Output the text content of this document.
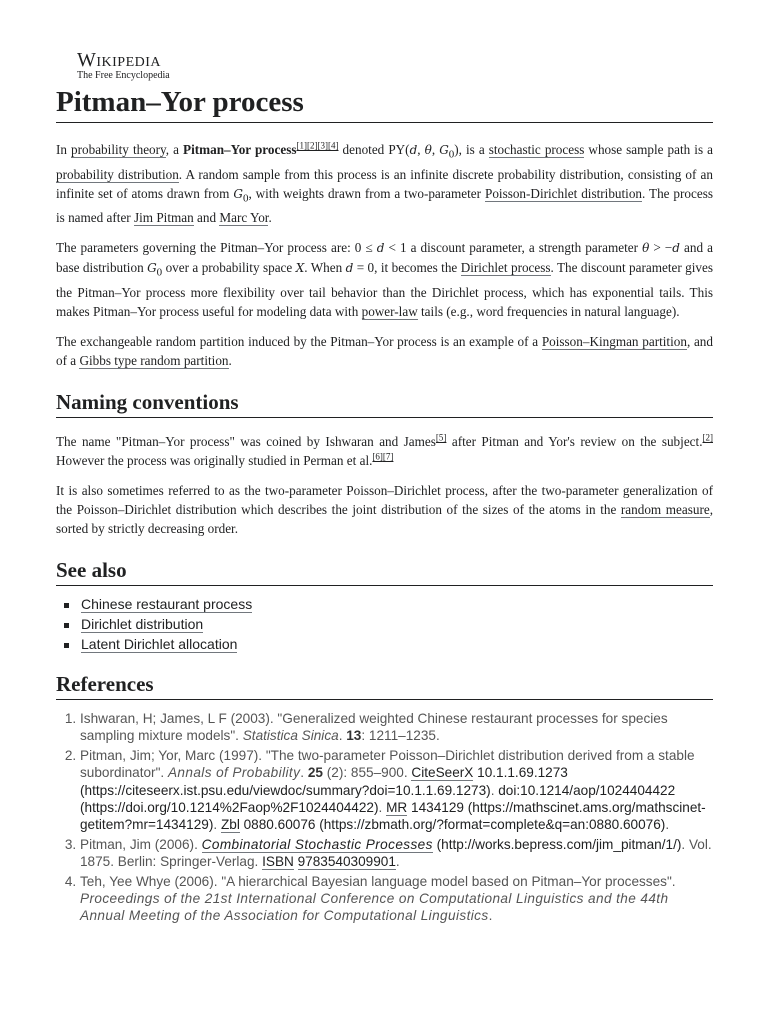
Wikipedia
The Free Encyclopedia
Pitman–Yor process

In probability theory, a Pitman–Yor process[1][2][3][4] denoted PY(d, θ, $G_0$), is a stochastic process whose sample path is a probability distribution. A random sample from this process is an infinite discrete probability distribution, consisting of an infinite set of atoms drawn from $G_0$, with weights drawn from a two-parameter Poisson-Dirichlet distribution. The process is named after Jim Pitman and Marc Yor.

The parameters governing the Pitman–Yor process are: 0 ≤ d < 1 a discount parameter, a strength parameter θ > −d and a base distribution $G_0$ over a probability space X. When d = 0, it becomes the Dirichlet process. The discount parameter gives the Pitman–Yor process more flexibility over tail behavior than the Dirichlet process, which has exponential tails. This makes Pitman–Yor process useful for modeling data with power-law tails (e.g., word frequencies in natural language).

The exchangeable random partition induced by the Pitman–Yor process is an example of a Poisson–Kingman partition, and of a Gibbs type random partition.

Naming conventions

The name "Pitman–Yor process" was coined by Ishwaran and James[5] after Pitman and Yor's review on the subject.[2] However the process was originally studied in Perman et al.[6][7]

It is also sometimes referred to as the two-parameter Poisson–Dirichlet process, after the two-parameter generalization of the Poisson–Dirichlet distribution which describes the joint distribution of the sizes of the atoms in the random measure, sorted by strictly decreasing order.

See also
Chinese restaurant process
Dirichlet distribution
Latent Dirichlet allocation
References
1. Ishwaran, H; James, L F (2003). "Generalized weighted Chinese restaurant processes for species sampling mixture models". Statistica Sinica. 13: 1211–1235.
2. Pitman, Jim; Yor, Marc (1997). "The two-parameter Poisson–Dirichlet distribution derived from a stable subordinator". Annals of Probability. 25 (2): 855–900. CiteSeerX 10.1.1.69.1273 (https://citeseerx.ist.psu.edu/viewdoc/summary?doi=10.1.1.69.1273). doi:10.1214/aop/1024404422 (https://doi.org/10.1214%2Faop%2F1024404422). MR 1434129 (https://mathscinet.ams.org/mathscinet-getitem?mr=1434129). Zbl 0880.60076 (https://zbmath.org/?format=complete&q=an:0880.60076).
3. Pitman, Jim (2006). Combinatorial Stochastic Processes (http://works.bepress.com/jim_pitman/1/). Vol. 1875. Berlin: Springer-Verlag. ISBN 9783540309901.
4. Teh, Yee Whye (2006). "A hierarchical Bayesian language model based on Pitman–Yor processes". Proceedings of the 21st International Conference on Computational Linguistics and the 44th Annual Meeting of the Association for Computational Linguistics.
